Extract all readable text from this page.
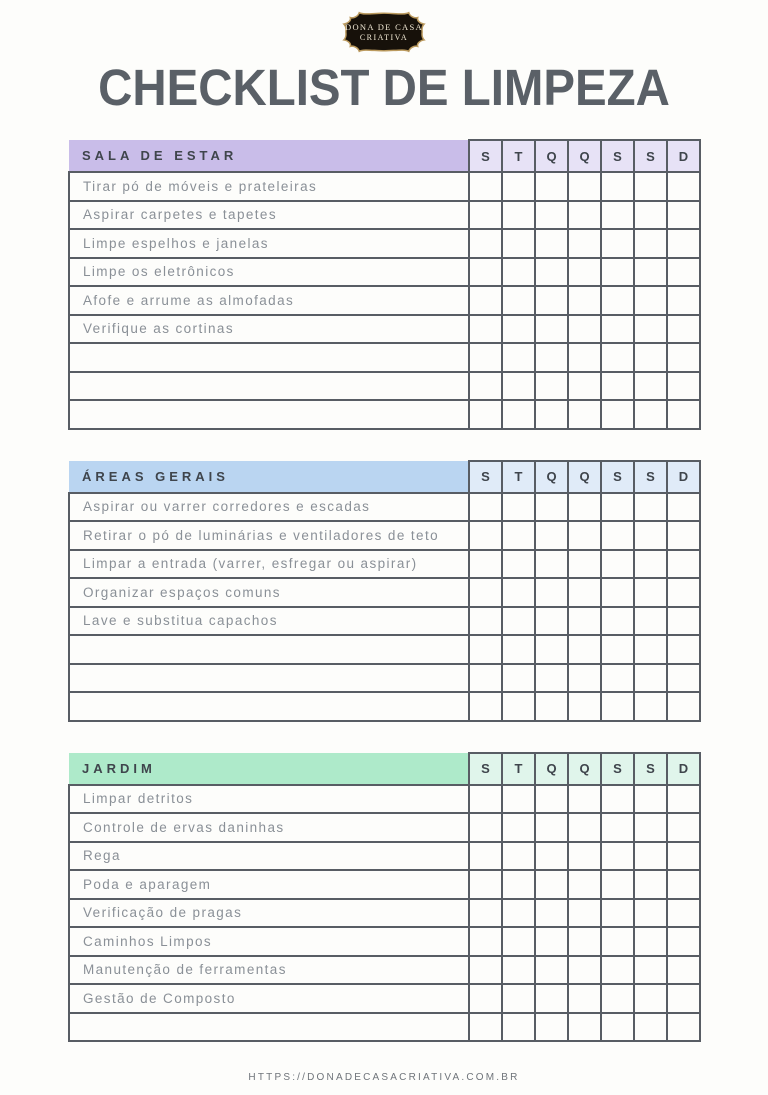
DONA DE CASA
CRIATIVA
CHECKLIST DE LIMPEZA
SALA DE ESTAR	S	T	Q	Q	S	S	D
Tirar pó de móveis e prateleiras							
Aspirar carpetes e tapetes							
Limpe espelhos e janelas							
Limpe os eletrônicos							
Afofe e arrume as almofadas							
Verifique as cortinas							

ÁREAS GERAIS	S	T	Q	Q	S	S	D
Aspirar ou varrer corredores e escadas							
Retirar o pó de luminárias e ventiladores de teto							
Limpar a entrada (varrer, esfregar ou aspirar)							
Organizar espaços comuns							
Lave e substitua capachos							

JARDIM	S	T	Q	Q	S	S	D
Limpar detritos							
Controle de ervas daninhas							
Rega							
Poda e aparagem							
Verificação de pragas							
Caminhos Limpos							
Manutenção de ferramentas							
Gestão de Composto							

HTTPS://DONADECASACRIATIVA.COM.BR
